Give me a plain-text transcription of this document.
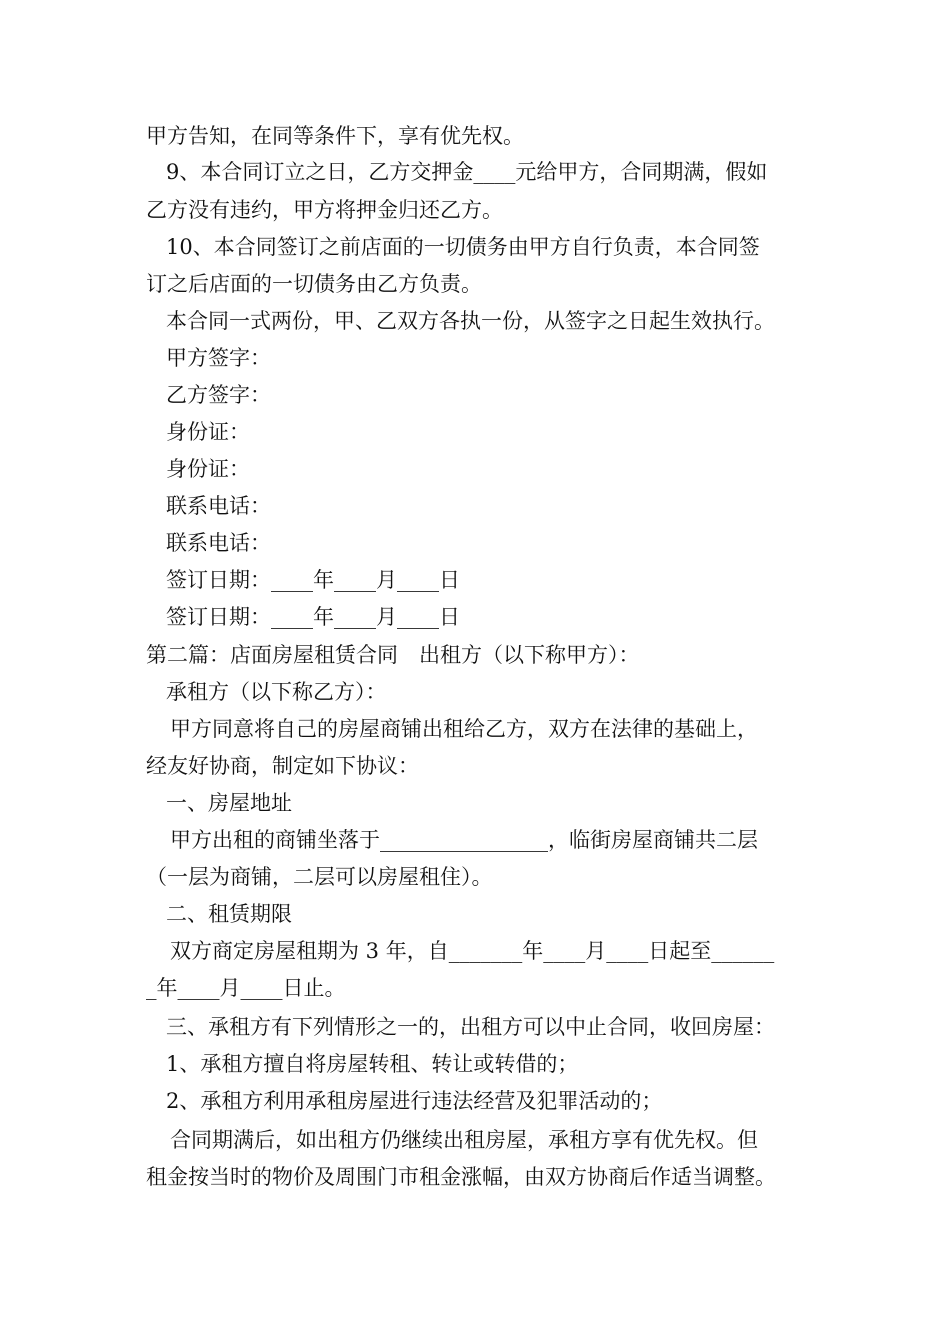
甲方告知，在同等条件下，享有优先权。
9、本合同订立之日，乙方交押金____元给甲方，合同期满，假如
乙方没有违约，甲方将押金归还乙方。
10、本合同签订之前店面的一切债务由甲方自行负责，本合同签
订之后店面的一切债务由乙方负责。
本合同一式两份，甲、乙双方各执一份，从签字之日起生效执行。
甲方签字：
乙方签字：
身份证：
身份证：
联系电话：
联系电话：
签订日期：____年____月____日
签订日期：____年____月____日
第二篇：店面房屋租赁合同　出租方（以下称甲方）：
承租方（以下称乙方）：
甲方同意将自己的房屋商铺出租给乙方，双方在法律的基础上，
经友好协商，制定如下协议：
一、房屋地址
甲方出租的商铺坐落于________________，临街房屋商铺共二层
（一层为商铺，二层可以房屋租住）。
二、租赁期限
双方商定房屋租期为 3 年，自_______年____月____日起至______
_年____月____日止。
三、承租方有下列情形之一的，出租方可以中止合同，收回房屋：
1、承租方擅自将房屋转租、转让或转借的；
2、承租方利用承租房屋进行违法经营及犯罪活动的；
合同期满后，如出租方仍继续出租房屋，承租方享有优先权。但
租金按当时的物价及周围门市租金涨幅，由双方协商后作适当调整。
